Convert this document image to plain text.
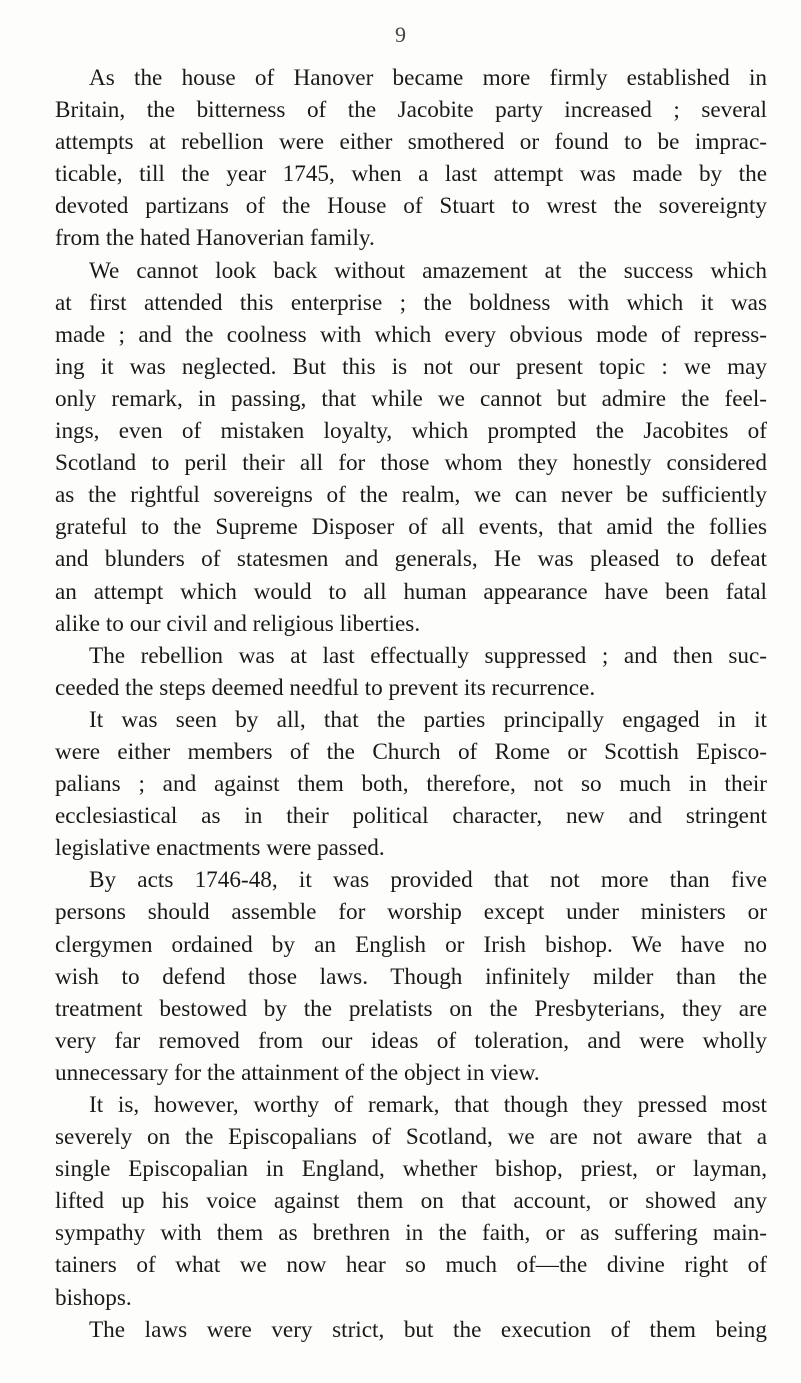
9
As the house of Hanover became more firmly established in
Britain, the bitterness of the Jacobite party increased ; several
attempts at rebellion were either smothered or found to be imprac-
ticable, till the year 1745, when a last attempt was made by the
devoted partizans of the House of Stuart to wrest the sovereignty
from the hated Hanoverian family.
We cannot look back without amazement at the success which
at first attended this enterprise ; the boldness with which it was
made ; and the coolness with which every obvious mode of repress-
ing it was neglected. But this is not our present topic : we may
only remark, in passing, that while we cannot but admire the feel-
ings, even of mistaken loyalty, which prompted the Jacobites of
Scotland to peril their all for those whom they honestly considered
as the rightful sovereigns of the realm, we can never be sufficiently
grateful to the Supreme Disposer of all events, that amid the follies
and blunders of statesmen and generals, He was pleased to defeat
an attempt which would to all human appearance have been fatal
alike to our civil and religious liberties.
The rebellion was at last effectually suppressed ; and then suc-
ceeded the steps deemed needful to prevent its recurrence.
It was seen by all, that the parties principally engaged in it
were either members of the Church of Rome or Scottish Episco-
palians ; and against them both, therefore, not so much in their
ecclesiastical as in their political character, new and stringent
legislative enactments were passed.
By acts 1746-48, it was provided that not more than five
persons should assemble for worship except under ministers or
clergymen ordained by an English or Irish bishop. We have no
wish to defend those laws. Though infinitely milder than the
treatment bestowed by the prelatists on the Presbyterians, they are
very far removed from our ideas of toleration, and were wholly
unnecessary for the attainment of the object in view.
It is, however, worthy of remark, that though they pressed most
severely on the Episcopalians of Scotland, we are not aware that a
single Episcopalian in England, whether bishop, priest, or layman,
lifted up his voice against them on that account, or showed any
sympathy with them as brethren in the faith, or as suffering main-
tainers of what we now hear so much of—the divine right of
bishops.
The laws were very strict, but the execution of them being
